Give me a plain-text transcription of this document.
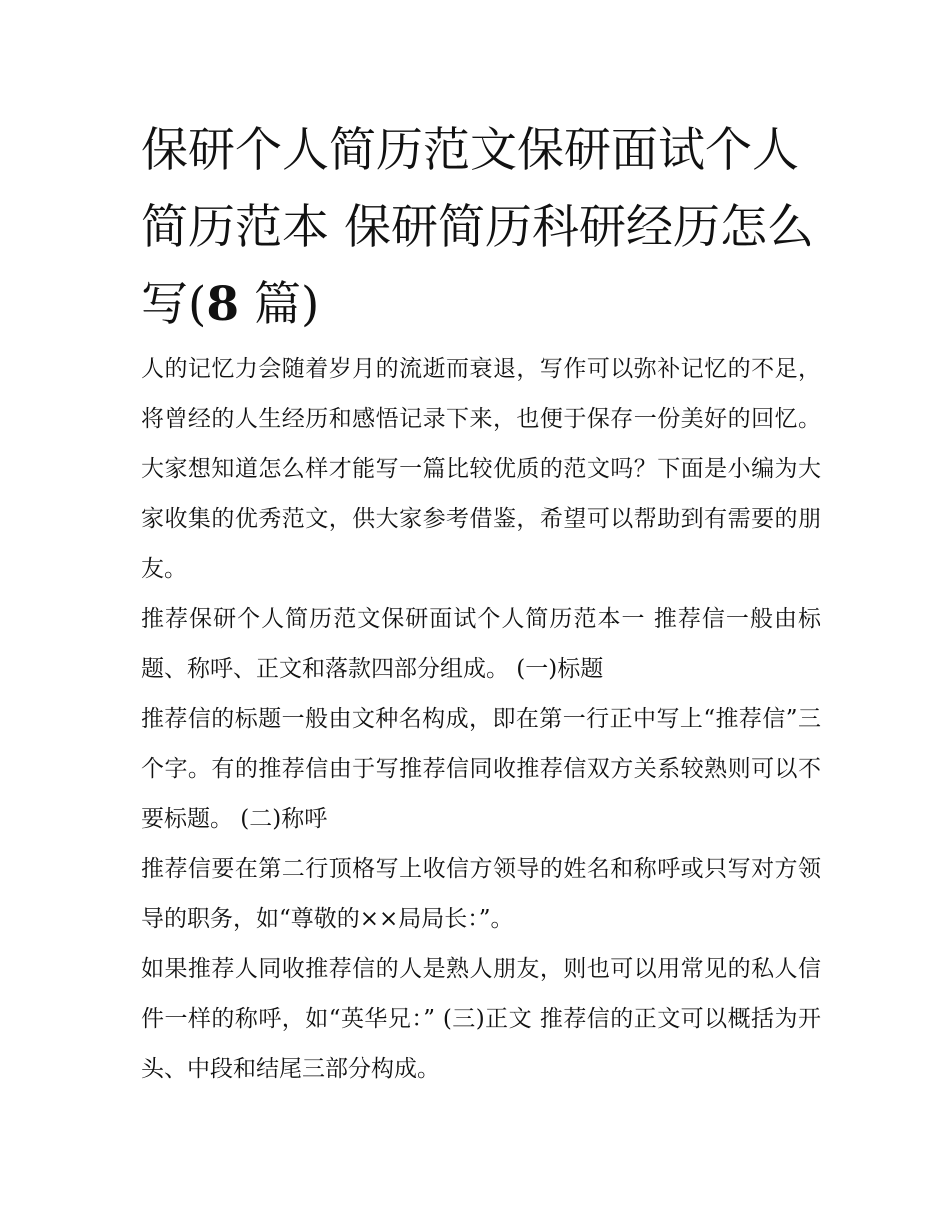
保研个人简历范文保研面试个人简历范本 保研简历科研经历怎么写(8 篇)

人的记忆力会随着岁月的流逝而衰退，写作可以弥补记忆的不足，将曾经的人生经历和感悟记录下来，也便于保存一份美好的回忆。大家想知道怎么样才能写一篇比较优质的范文吗？下面是小编为大家收集的优秀范文，供大家参考借鉴，希望可以帮助到有需要的朋友。

推荐保研个人简历范文保研面试个人简历范本一 推荐信一般由标题、称呼、正文和落款四部分组成。 (一)标题

推荐信的标题一般由文种名构成，即在第一行正中写上“推荐信”三个字。有的推荐信由于写推荐信同收推荐信双方关系较熟则可以不要标题。 (二)称呼

推荐信要在第二行顶格写上收信方领导的姓名和称呼或只写对方领导的职务，如“尊敬的××局局长：”。

如果推荐人同收推荐信的人是熟人朋友，则也可以用常见的私人信件一样的称呼，如“英华兄：” (三)正文 推荐信的正文可以概括为开头、中段和结尾三部分构成。
